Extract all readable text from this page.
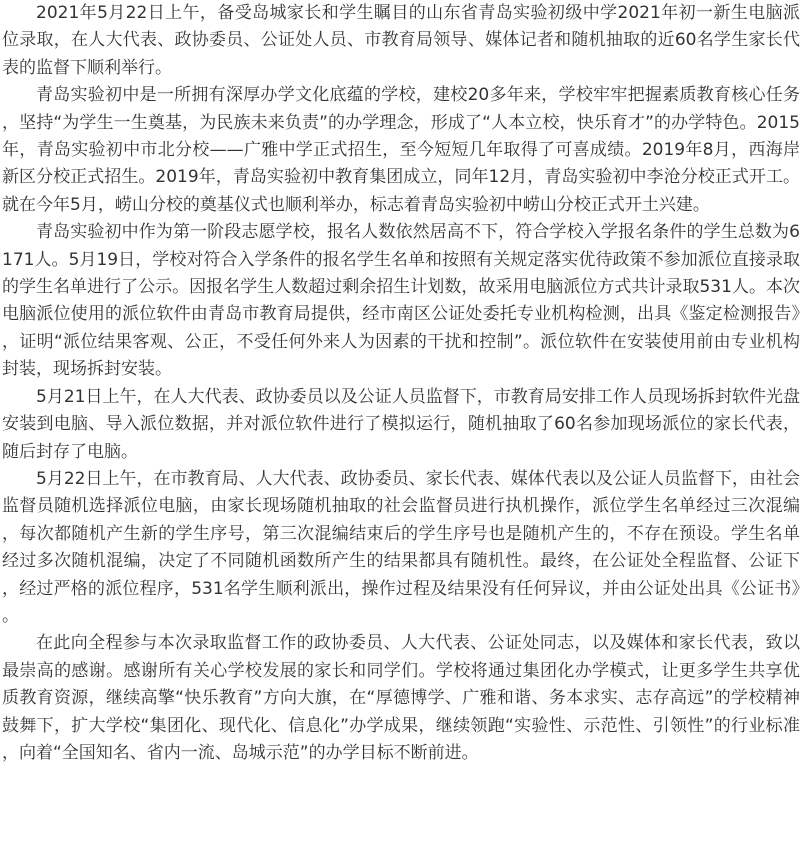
2021年5月22日上午，备受岛城家长和学生瞩目的山东省青岛实验初级中学2021年初一新生电脑派位录取，在人大代表、政协委员、公证处人员、市教育局领导、媒体记者和随机抽取的近60名学生家长代表的监督下顺利举行。

青岛实验初中是一所拥有深厚办学文化底蕴的学校，建校20多年来，学校牢牢把握素质教育核心任务，坚持“为学生一生奠基，为民族未来负责”的办学理念，形成了“人本立校，快乐育才”的办学特色。2015年，青岛实验初中市北分校——广雅中学正式招生，至今短短几年取得了可喜成绩。2019年8月，西海岸新区分校正式招生。2019年，青岛实验初中教育集团成立，同年12月，青岛实验初中李沧分校正式开工。就在今年5月，崂山分校的奠基仪式也顺利举办，标志着青岛实验初中崂山分校正式开土兴建。

青岛实验初中作为第一阶段志愿学校，报名人数依然居高不下，符合学校入学报名条件的学生总数为6171人。5月19日，学校对符合入学条件的报名学生名单和按照有关规定落实优待政策不参加派位直接录取的学生名单进行了公示。因报名学生人数超过剩余招生计划数，故采用电脑派位方式共计录取531人。本次电脑派位使用的派位软件由青岛市教育局提供，经市南区公证处委托专业机构检测，出具《鉴定检测报告》，证明“派位结果客观、公正，不受任何外来人为因素的干扰和控制”。派位软件在安装使用前由专业机构封装，现场拆封安装。

5月21日上午，在人大代表、政协委员以及公证人员监督下，市教育局安排工作人员现场拆封软件光盘安装到电脑、导入派位数据，并对派位软件进行了模拟运行，随机抽取了60名参加现场派位的家长代表，随后封存了电脑。

5月22日上午，在市教育局、人大代表、政协委员、家长代表、媒体代表以及公证人员监督下，由社会监督员随机选择派位电脑，由家长现场随机抽取的社会监督员进行执机操作，派位学生名单经过三次混编，每次都随机产生新的学生序号，第三次混编结束后的学生序号也是随机产生的，不存在预设。学生名单经过多次随机混编，决定了不同随机函数所产生的结果都具有随机性。最终，在公证处全程监督、公证下，经过严格的派位程序，531名学生顺利派出，操作过程及结果没有任何异议，并由公证处出具《公证书》。

在此向全程参与本次录取监督工作的政协委员、人大代表、公证处同志，以及媒体和家长代表，致以最崇高的感谢。感谢所有关心学校发展的家长和同学们。学校将通过集团化办学模式，让更多学生共享优质教育资源，继续高擎“快乐教育”方向大旗，在“厚德博学、广雅和谐、务本求实、志存高远”的学校精神鼓舞下，扩大学校“集团化、现代化、信息化”办学成果，继续领跑“实验性、示范性、引领性”的行业标准，向着“全国知名、省内一流、岛城示范”的办学目标不断前进。
